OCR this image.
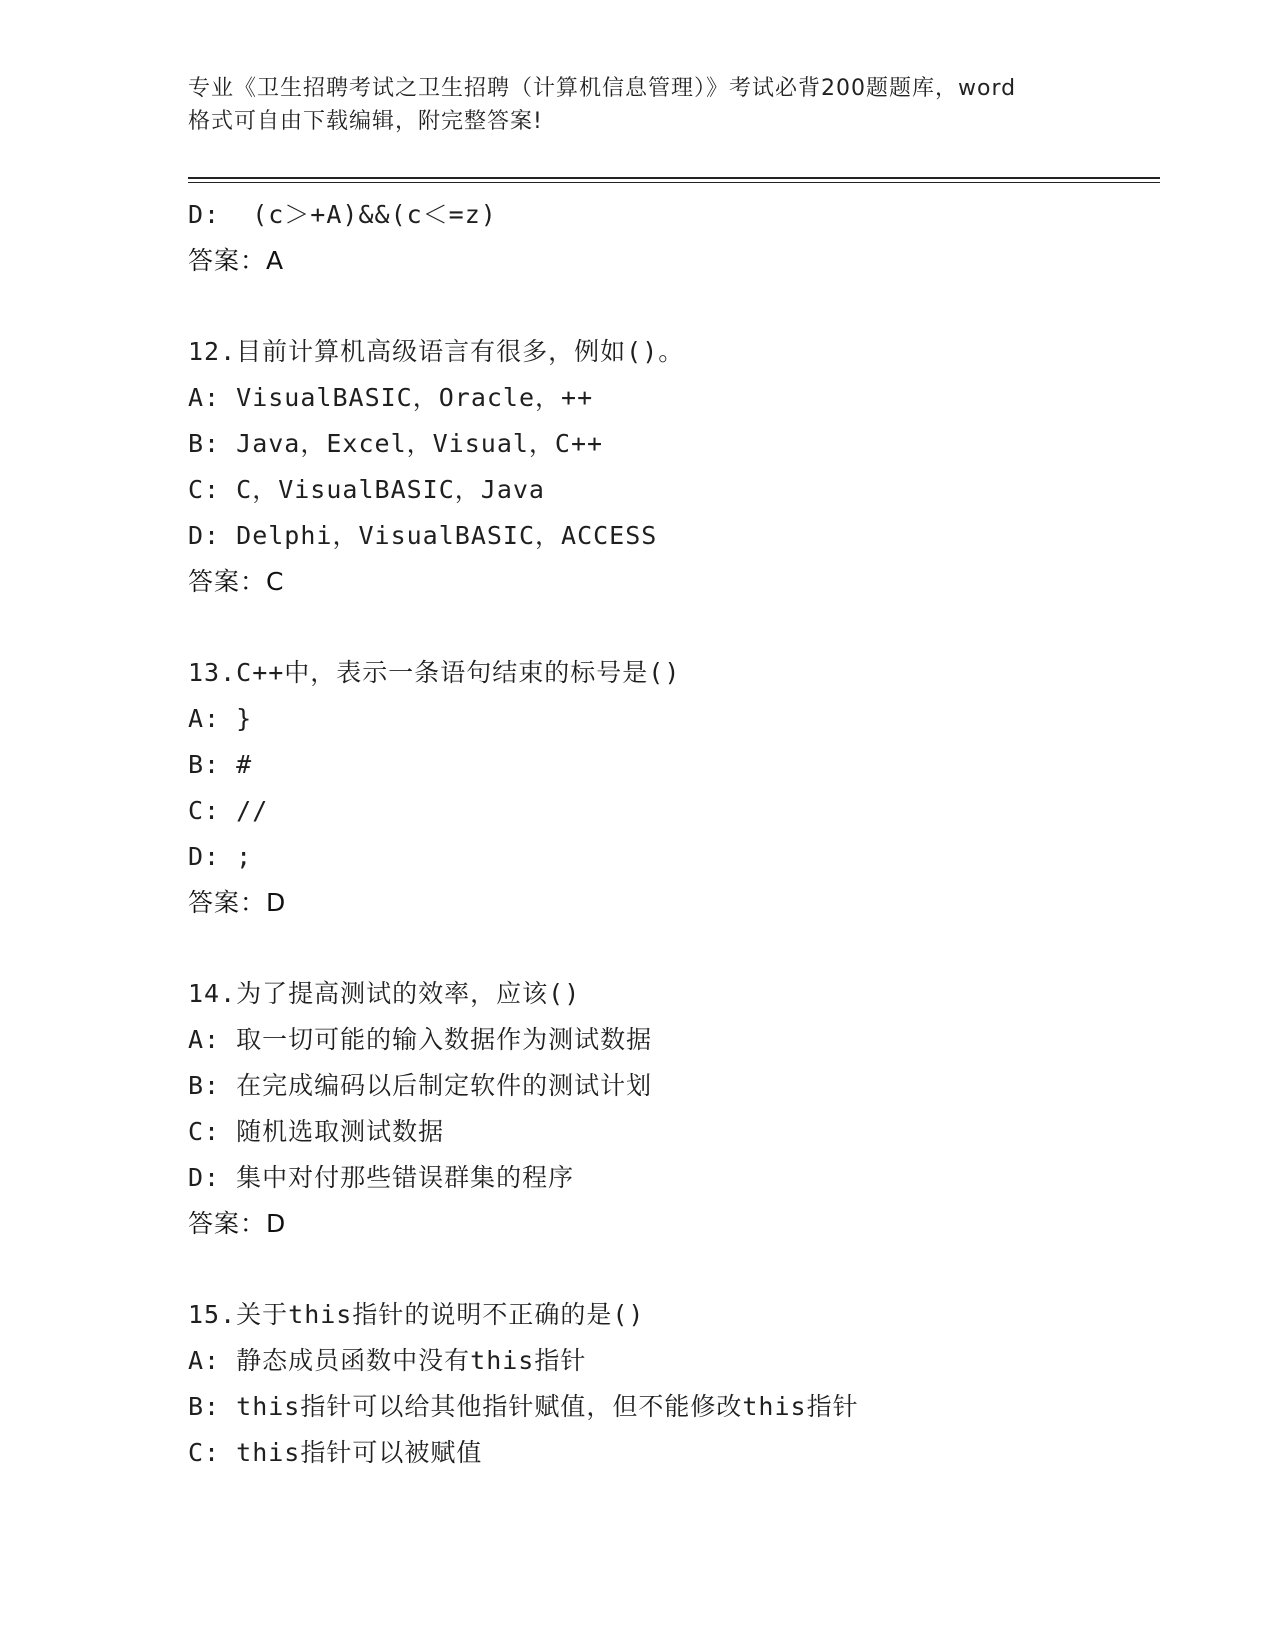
专业《卫生招聘考试之卫生招聘（计算机信息管理）》考试必背200题题库，word
格式可自由下载编辑，附完整答案!
D:  (c＞+A)&&(c＜=z)
答案：A
12.目前计算机高级语言有很多，例如()。
A: VisualBASIC，Oracle，++
B: Java，Excel，Visual，C++
C: C，VisualBASIC，Java
D: Delphi，VisualBASIC，ACCESS
答案：C
13.C++中，表示一条语句结束的标号是()
A: }
B: #
C: //
D: ;
答案：D
14.为了提高测试的效率，应该()
A: 取一切可能的输入数据作为测试数据
B: 在完成编码以后制定软件的测试计划
C: 随机选取测试数据
D: 集中对付那些错误群集的程序
答案：D
15.关于this指针的说明不正确的是()
A: 静态成员函数中没有this指针
B: this指针可以给其他指针赋值，但不能修改this指针
C: this指针可以被赋值
